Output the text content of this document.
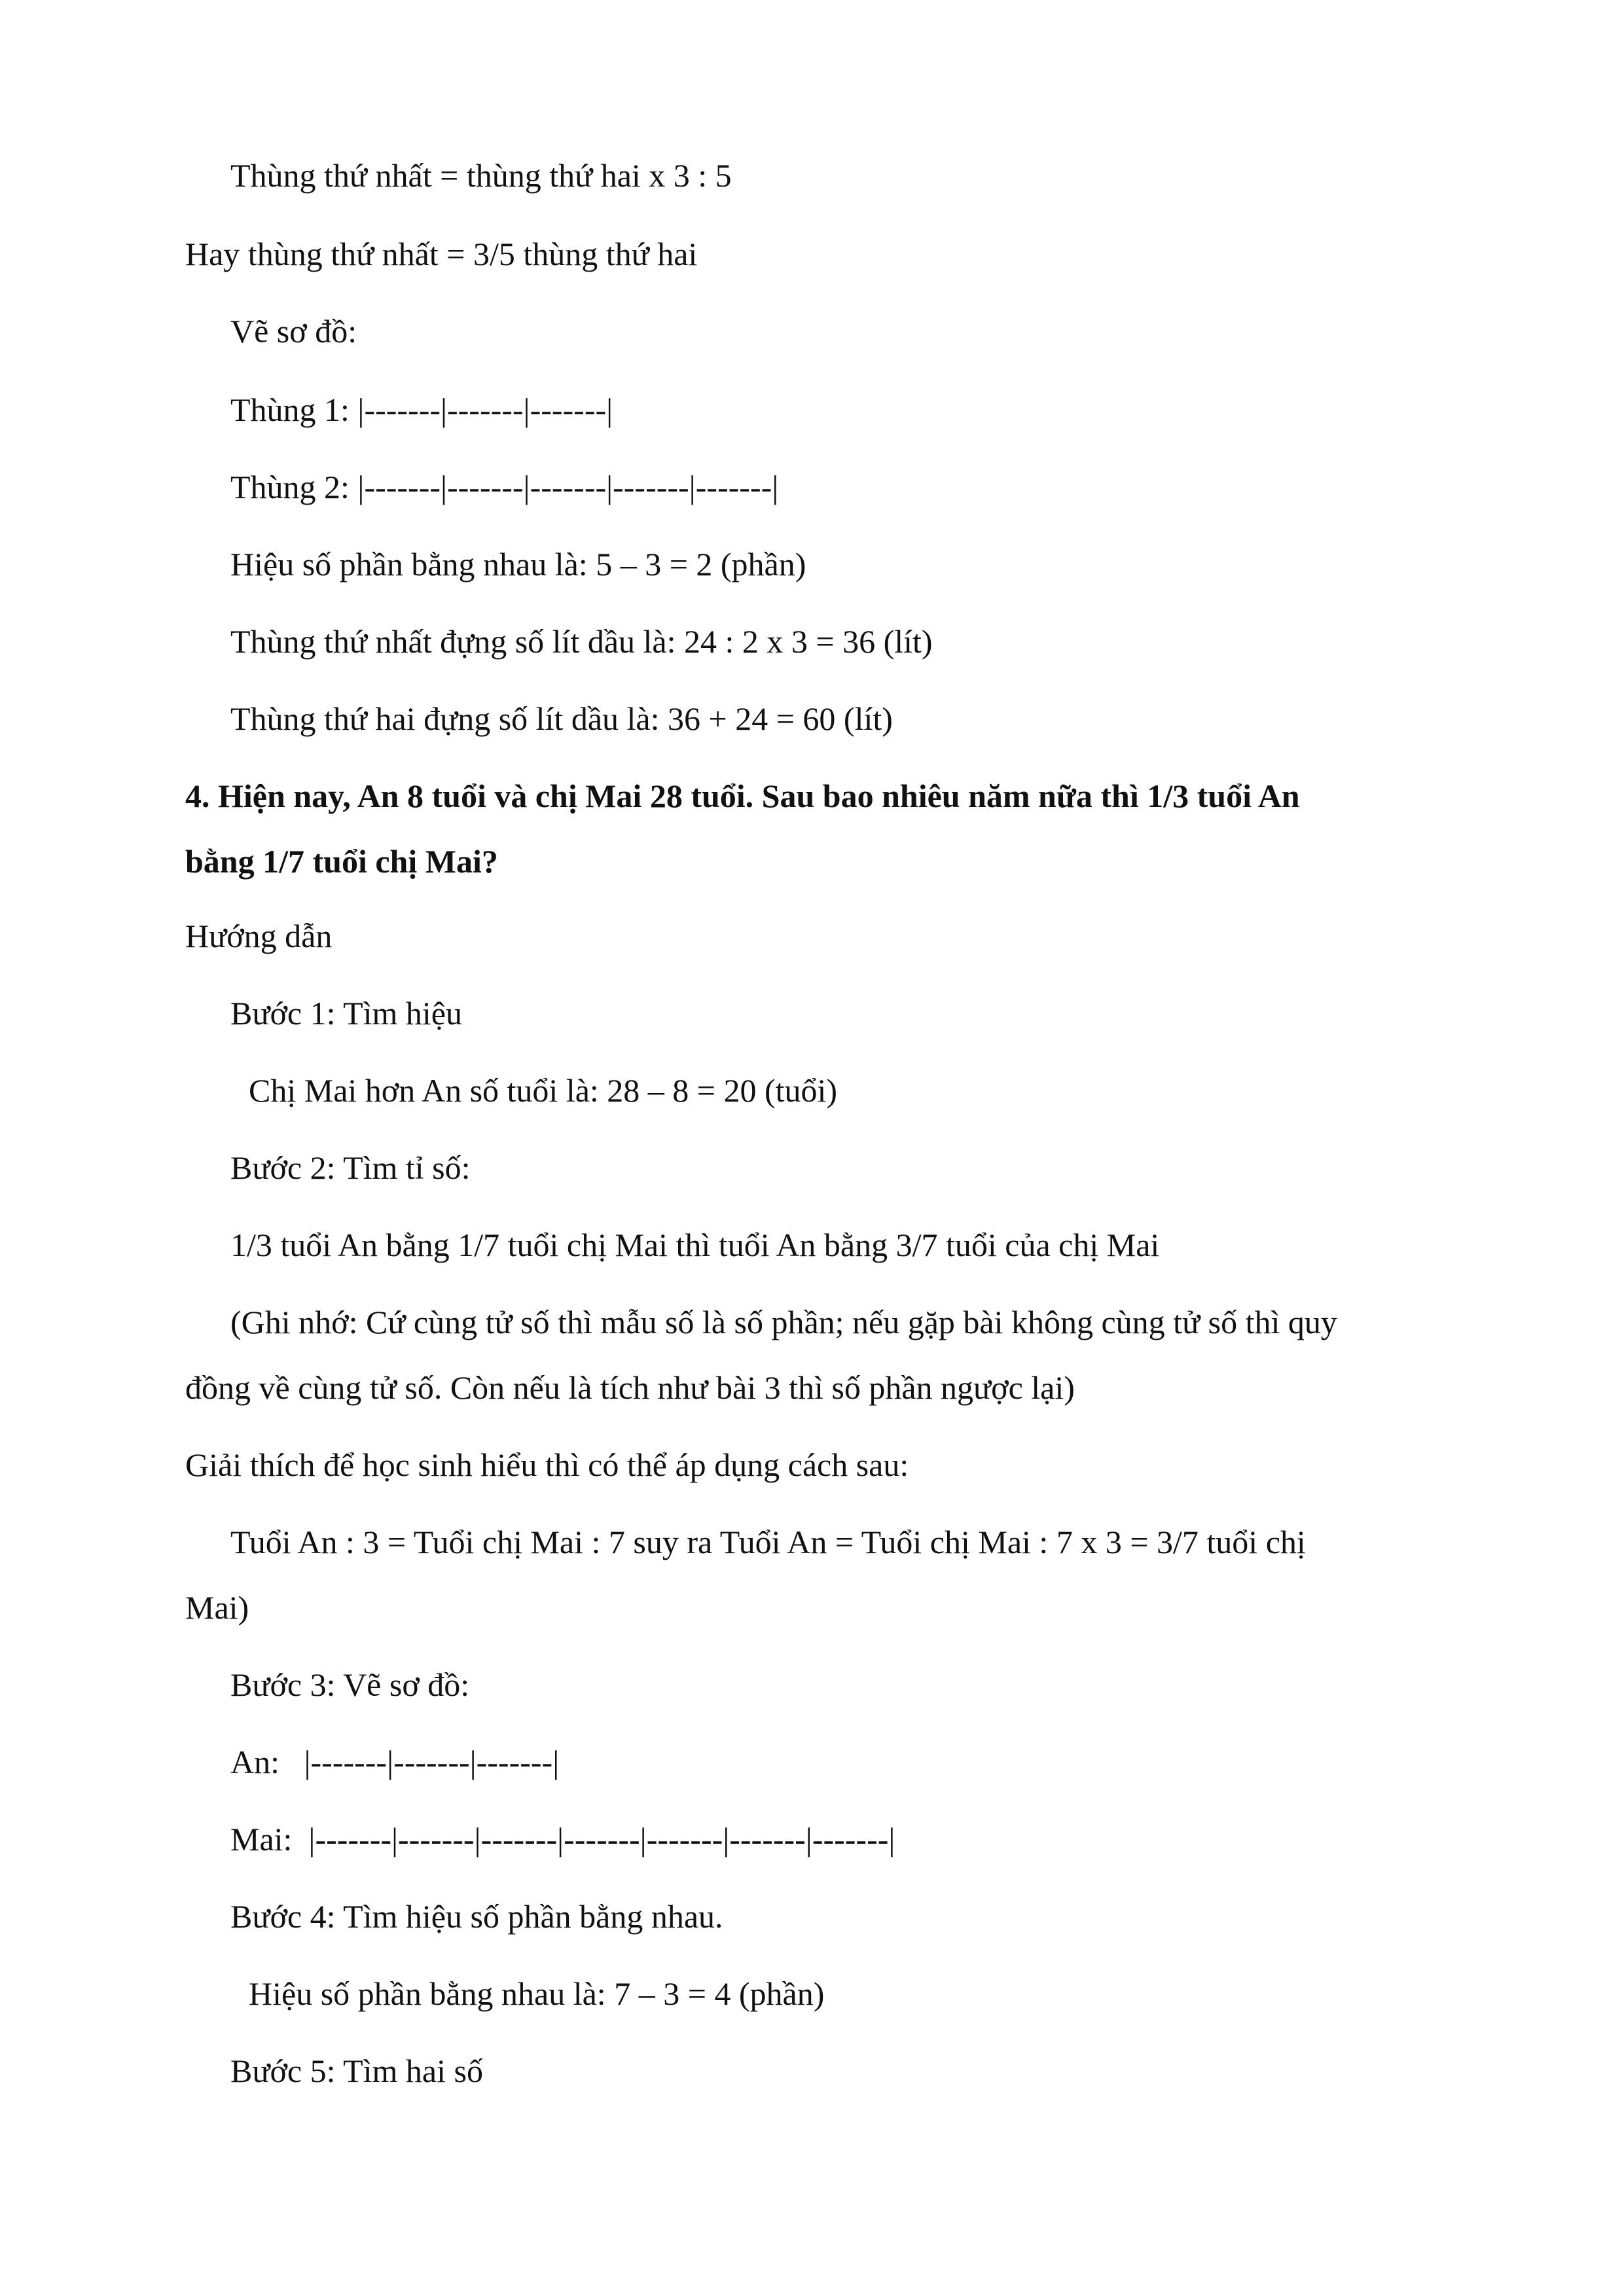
Thùng thứ nhất = thùng thứ hai x 3 : 5
Hay thùng thứ nhất = 3/5 thùng thứ hai
Vẽ sơ đồ:
Thùng 1: |-------|-------|-------|
Thùng 2: |-------|-------|-------|-------|-------|
Hiệu số phần bằng nhau là: 5 – 3 = 2 (phần)
Thùng thứ nhất đựng số lít dầu là: 24 : 2 x 3 = 36 (lít)
Thùng thứ hai đựng số lít dầu là: 36 + 24 = 60 (lít)
4. Hiện nay, An 8 tuổi và chị Mai 28 tuổi. Sau bao nhiêu năm nữa thì 1/3 tuổi An
bằng 1/7 tuổi chị Mai?
Hướng dẫn
Bước 1: Tìm hiệu
Chị Mai hơn An số tuổi là: 28 – 8 = 20 (tuổi)
Bước 2: Tìm tỉ số:
1/3 tuổi An bằng 1/7 tuổi chị Mai thì tuổi An bằng 3/7 tuổi của chị Mai
(Ghi nhớ: Cứ cùng tử số thì mẫu số là số phần; nếu gặp bài không cùng tử số thì quy
đồng về cùng tử số. Còn nếu là tích như bài 3 thì số phần ngược lại)
Giải thích để học sinh hiểu thì có thể áp dụng cách sau:
Tuổi An : 3 = Tuổi chị Mai : 7 suy ra Tuổi An = Tuổi chị Mai : 7 x 3 = 3/7 tuổi chị
Mai)
Bước 3: Vẽ sơ đồ:
An:   |-------|-------|-------|
Mai:  |-------|-------|-------|-------|-------|-------|-------|
Bước 4: Tìm hiệu số phần bằng nhau.
Hiệu số phần bằng nhau là: 7 – 3 = 4 (phần)
Bước 5: Tìm hai số
